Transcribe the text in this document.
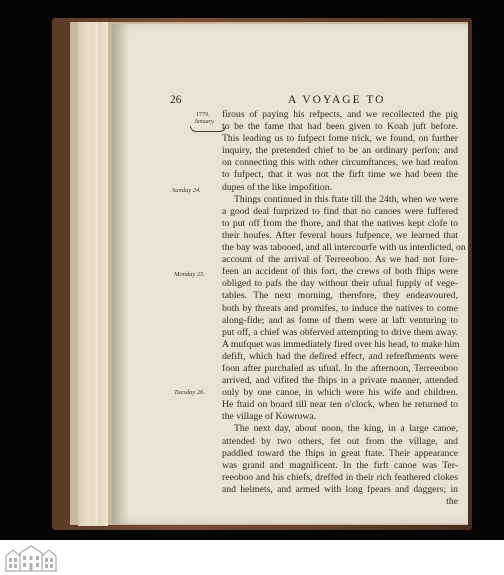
26	A VOYAGE TO
1779.
January.
Sunday 24.
Monday 25.
Tuesday 26.
firous of paying his refpects, and we recollected the pig
to be the fame that had been given to Koah juft before.
This leading us to fufpect fome trick, we found, on further
inquiry, the pretended chief to be an ordinary perfon; and
on connecting this with other circumftances, we had reafon
to fufpect, that it was not the firft time we had been the
dupes of the like impofition.
Things continued in this ftate till the 24th, when we were
a good deal furprized to find that no canoes were fuffered
to put off from the fhore, and that the natives kept clofe to
their houfes. After feveral hours fufpence, we learned that
the bay was tabooed, and all intercourfe with us interdicted, on
account of the arrival of Terreeoboo. As we had not fore-
feen an accident of this fort, the crews of both fhips were
obliged to pafs the day without their ufual fupply of vege-
tables. The next morning, therefore, they endeavoured,
both by threats and promifes, to induce the natives to come
along-fide; and as fome of them were at laft venturing to
put off, a chief was obferved attempting to drive them away.
A mufquet was immediately fired over his head, to make him
defift, which had the defired effect, and refrefhments were
foon after purchafed as ufual. In the afternoon, Terreeoboo
arrived, and vifited the fhips in a private manner, attended
only by one canoe, in which were his wife and children.
He ftaid on board till near ten o'clock, when he returned to
the village of Kowrowa.
The next day, about noon, the king, in a large canoe,
attended by two others, fet out from the village, and
paddled toward the fhips in great ftate. Their appearance
was grand and magnificent. In the firft canoe was Ter-
reeoboo and his chiefs, dreffed in their rich feathered clokes
and helmets, and armed with long fpears and daggers; in
the
